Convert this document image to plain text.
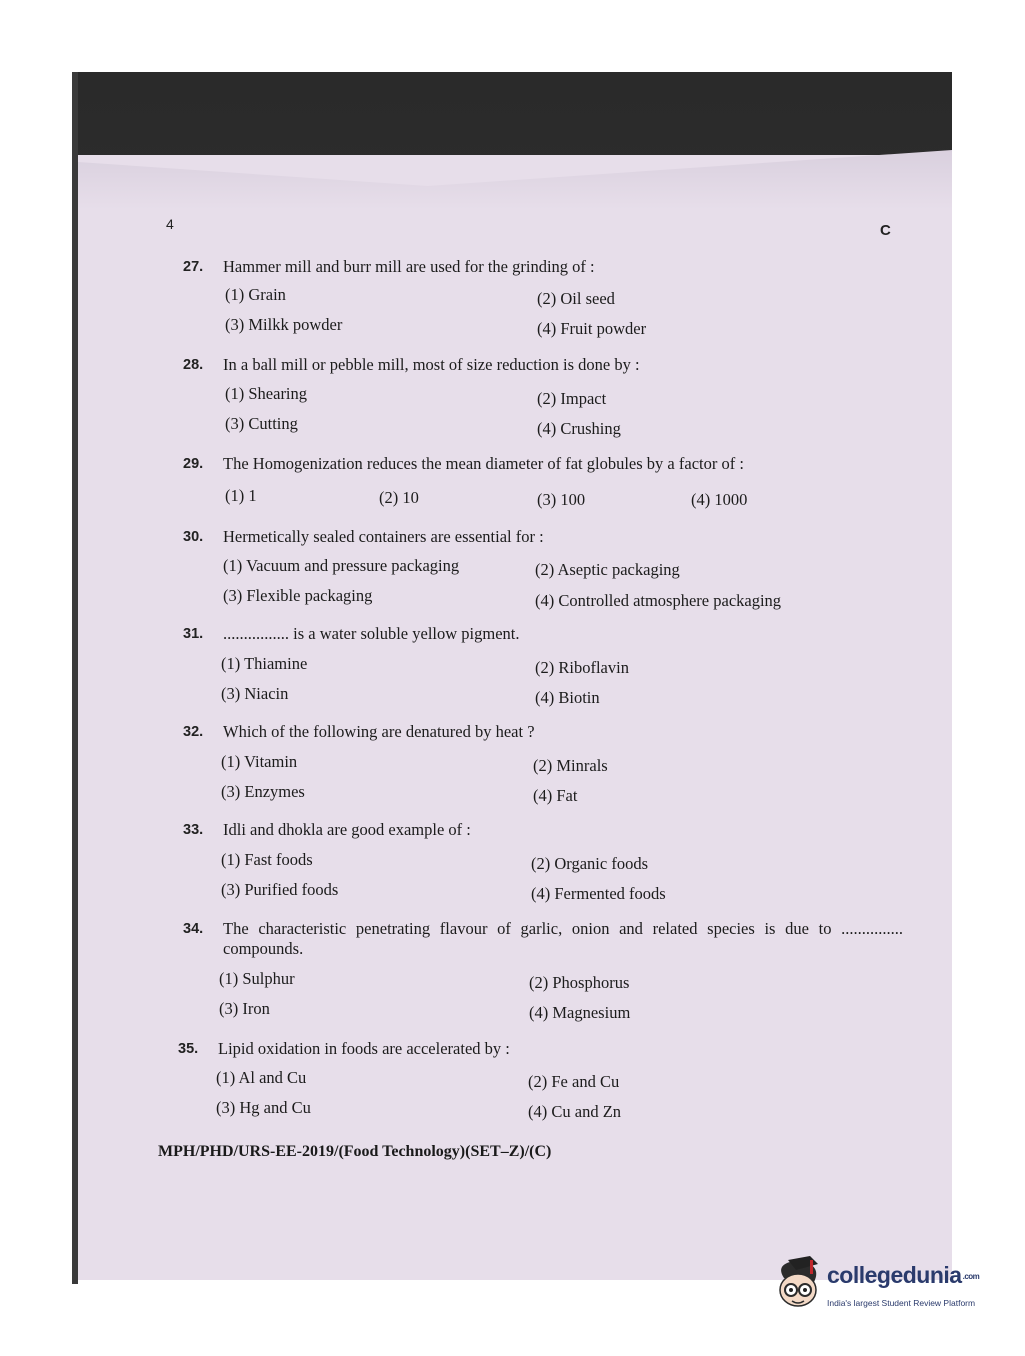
4	C
27.	Hammer mill and burr mill are used for the grinding of :
(1) Grain	(2) Oil seed
(3) Milkk powder	(4) Fruit powder
28.	In a ball mill or pebble mill, most of size reduction is done by :
(1) Shearing	(2) Impact
(3) Cutting	(4) Crushing
29.	The Homogenization reduces the mean diameter of fat globules by a factor of :
(1) 1	(2) 10	(3) 100	(4) 1000
30.	Hermetically sealed containers are essential for :
(1) Vacuum and pressure packaging	(2) Aseptic packaging
(3) Flexible packaging	(4) Controlled atmosphere packaging
31.	................ is a water soluble yellow pigment.
(1) Thiamine	(2) Riboflavin
(3) Niacin	(4) Biotin
32.	Which of the following are denatured by heat ?
(1) Vitamin	(2) Minrals
(3) Enzymes	(4) Fat
33.	Idli and dhokla are good example of :
(1) Fast foods	(2) Organic foods
(3) Purified foods	(4) Fermented foods
34.	The characteristic penetrating flavour of garlic, onion and related species is due to ............... compounds.
(1) Sulphur	(2) Phosphorus
(3) Iron	(4) Magnesium
35.	Lipid oxidation in foods are accelerated by :
(1) Al and Cu	(2) Fe and Cu
(3) Hg and Cu	(4) Cu and Zn
MPH/PHD/URS-EE-2019/(Food Technology)(SET–Z)/(C)
collegedunia.com
India's largest Student Review Platform
